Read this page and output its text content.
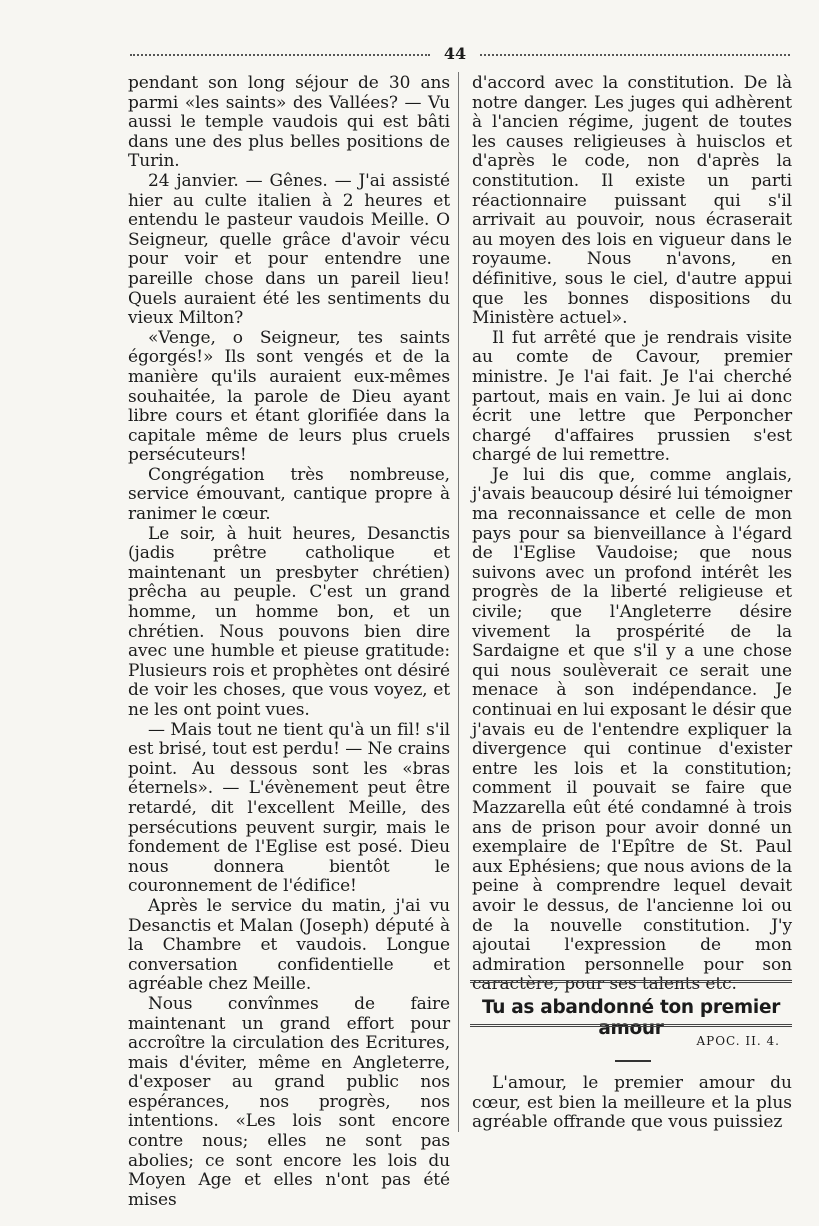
44

pendant son long séjour de 30 ans parmi «les saints» des Vallées? — Vu aussi le temple vaudois qui est bâti dans une des plus belles positions de Turin.

24 janvier. — Gênes. — J'ai assisté hier au culte italien à 2 heures et entendu le pasteur vaudois Meille. O Seigneur, quelle grâce d'avoir vécu pour voir et pour entendre une pareille chose dans un pareil lieu! Quels auraient été les sentiments du vieux Milton?

«Venge, o Seigneur, tes saints égorgés!» Ils sont vengés et de la manière qu'ils auraient eux-mêmes souhaitée, la parole de Dieu ayant libre cours et étant glorifiée dans la capitale même de leurs plus cruels persécuteurs!

Congrégation très nombreuse, service émouvant, cantique propre à ranimer le cœur.

Le soir, à huit heures, Desanctis (jadis prêtre catholique et maintenant un presbyter chrétien) prêcha au peuple. C'est un grand homme, un homme bon, et un chrétien. Nous pouvons bien dire avec une humble et pieuse gratitude: Plusieurs rois et prophètes ont désiré de voir les choses, que vous voyez, et ne les ont point vues.

— Mais tout ne tient qu'à un fil! s'il est brisé, tout est perdu! — Ne crains point. Au dessous sont les «bras éternels». — L'évènement peut être retardé, dit l'excellent Meille, des persécutions peuvent surgir, mais le fondement de l'Eglise est posé. Dieu nous donnera bientôt le couronnement de l'édifice!

Après le service du matin, j'ai vu Desanctis et Malan (Joseph) député à la Chambre et vaudois. Longue conversation confidentielle et agréable chez Meille.

Nous convînmes de faire maintenant un grand effort pour accroître la circulation des Ecritures, mais d'éviter, même en Angleterre, d'exposer au grand public nos espérances, nos progrès, nos intentions. «Les lois sont encore contre nous; elles ne sont pas abolies; ce sont encore les lois du Moyen Age et elles n'ont pas été mises

d'accord avec la constitution. De là notre danger. Les juges qui adhèrent à l'ancien régime, jugent de toutes les causes religieuses à huisclos et d'après le code, non d'après la constitution. Il existe un parti réactionnaire puissant qui s'il arrivait au pouvoir, nous écraserait au moyen des lois en vigueur dans le royaume. Nous n'avons, en définitive, sous le ciel, d'autre appui que les bonnes dispositions du Ministère actuel».

Il fut arrêté que je rendrais visite au comte de Cavour, premier ministre. Je l'ai fait. Je l'ai cherché partout, mais en vain. Je lui ai donc écrit une lettre que Perponcher chargé d'affaires prussien s'est chargé de lui remettre.

Je lui dis que, comme anglais, j'avais beaucoup désiré lui témoigner ma reconnaissance et celle de mon pays pour sa bienveillance à l'égard de l'Eglise Vaudoise; que nous suivons avec un profond intérêt les progrès de la liberté religieuse et civile; que l'Angleterre désire vivement la prospérité de la Sardaigne et que s'il y a une chose qui nous soulèverait ce serait une menace à son indépendance. Je continuai en lui exposant le désir que j'avais eu de l'entendre expliquer la divergence qui continue d'exister entre les lois et la constitution; comment il pouvait se faire que Mazzarella eût été condamné à trois ans de prison pour avoir donné un exemplaire de l'Epître de St. Paul aux Ephésiens; que nous avions de la peine à comprendre lequel devait avoir le dessus, de l'ancienne loi ou de la nouvelle constitution. J'y ajoutai l'expression de mon admiration personnelle pour son caractère, pour ses talents etc.

Tu as abandonné ton premier amour
APOC. II. 4.

L'amour, le premier amour du cœur, est bien la meilleure et la plus agréable offrande que vous puissiez
